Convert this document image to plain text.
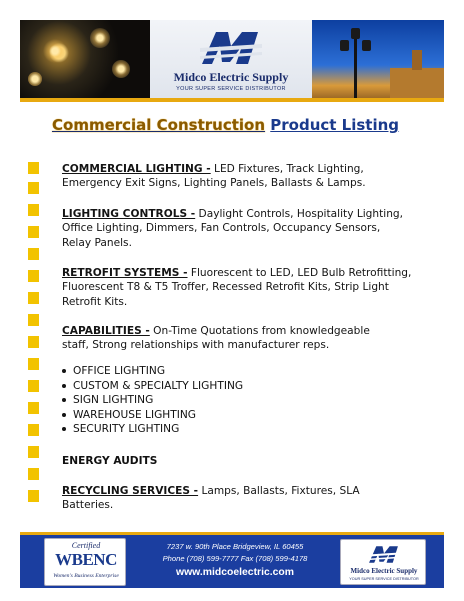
Midco Electric Supply
YOUR SUPER SERVICE DISTRIBUTOR
Commercial Construction Product Listing
COMMERCIAL LIGHTING - LED Fixtures, Track Lighting,
Emergency Exit Signs, Lighting Panels, Ballasts & Lamps.
LIGHTING CONTROLS - Daylight Controls, Hospitality Lighting,
Office Lighting, Dimmers, Fan Controls, Occupancy Sensors,
Relay Panels.
RETROFIT SYSTEMS - Fluorescent to LED, LED Bulb Retrofitting,
Fluorescent T8 & T5 Troffer, Recessed Retrofit Kits, Strip Light
Retrofit Kits.
CAPABILITIES - On-Time Quotations from knowledgeable
staff, Strong relationships with manufacturer reps.
OFFICE LIGHTING
CUSTOM & SPECIALTY LIGHTING
SIGN LIGHTING
WAREHOUSE LIGHTING
SECURITY LIGHTING
ENERGY AUDITS
RECYCLING SERVICES - Lamps, Ballasts, Fixtures, SLA
Batteries.
Certified
WBENC
Women's Business Enterprise
7237 w. 90th Place Bridgeview, IL 60455
Phone (708) 599-7777 Fax (708) 599-4178
www.midcoelectric.com	Midco Electric Supply
YOUR SUPER SERVICE DISTRIBUTOR
